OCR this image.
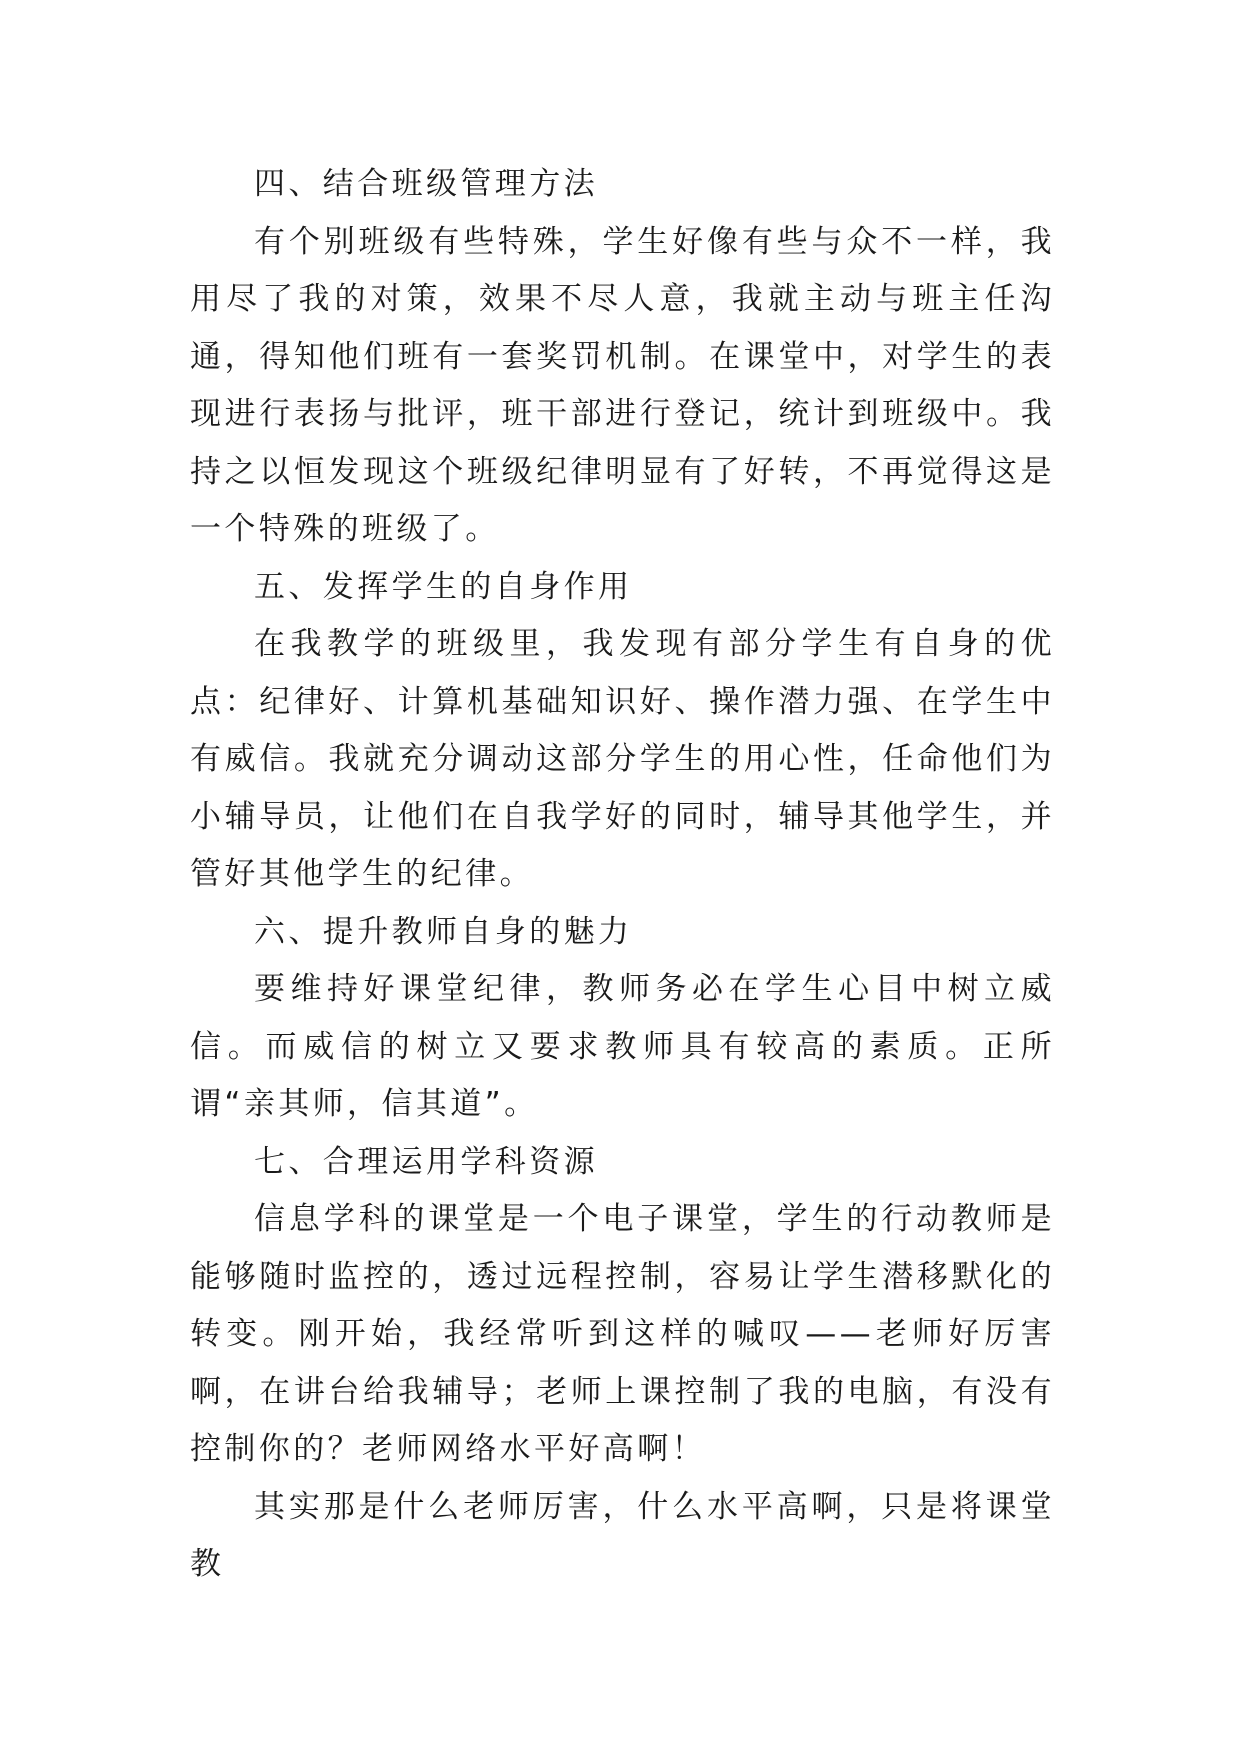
四、结合班级管理方法

有个别班级有些特殊，学生好像有些与众不一样，我用尽了我的对策，效果不尽人意，我就主动与班主任沟通，得知他们班有一套奖罚机制。在课堂中，对学生的表现进行表扬与批评，班干部进行登记，统计到班级中。我持之以恒发现这个班级纪律明显有了好转，不再觉得这是一个特殊的班级了。

五、发挥学生的自身作用

在我教学的班级里，我发现有部分学生有自身的优点：纪律好、计算机基础知识好、操作潜力强、在学生中有威信。我就充分调动这部分学生的用心性，任命他们为小辅导员，让他们在自我学好的同时，辅导其他学生，并管好其他学生的纪律。

六、提升教师自身的魅力

要维持好课堂纪律，教师务必在学生心目中树立威信。而威信的树立又要求教师具有较高的素质。正所谓“亲其师，信其道”。

七、合理运用学科资源

信息学科的课堂是一个电子课堂，学生的行动教师是能够随时监控的，透过远程控制，容易让学生潜移默化的转变。刚开始，我经常听到这样的喊叹——老师好厉害啊，在讲台给我辅导；老师上课控制了我的电脑，有没有控制你的？老师网络水平好高啊！

其实那是什么老师厉害，什么水平高啊，只是将课堂教
